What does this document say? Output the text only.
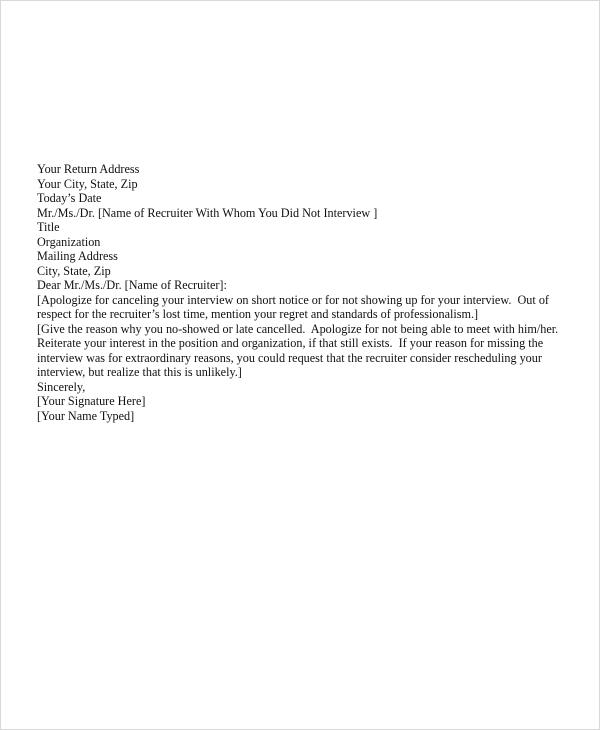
Your Return Address
Your City, State, Zip
Today’s Date
Mr./Ms./Dr. [Name of Recruiter With Whom You Did Not Interview ]
Title
Organization
Mailing Address
City, State, Zip
Dear Mr./Ms./Dr. [Name of Recruiter]:
[Apologize for canceling your interview on short notice or for not showing up for your interview.  Out of
respect for the recruiter’s lost time, mention your regret and standards of professionalism.]
[Give the reason why you no-showed or late cancelled.  Apologize for not being able to meet with him/her.
Reiterate your interest in the position and organization, if that still exists.  If your reason for missing the
interview was for extraordinary reasons, you could request that the recruiter consider rescheduling your
interview, but realize that this is unlikely.]
Sincerely,
[Your Signature Here]
[Your Name Typed]
